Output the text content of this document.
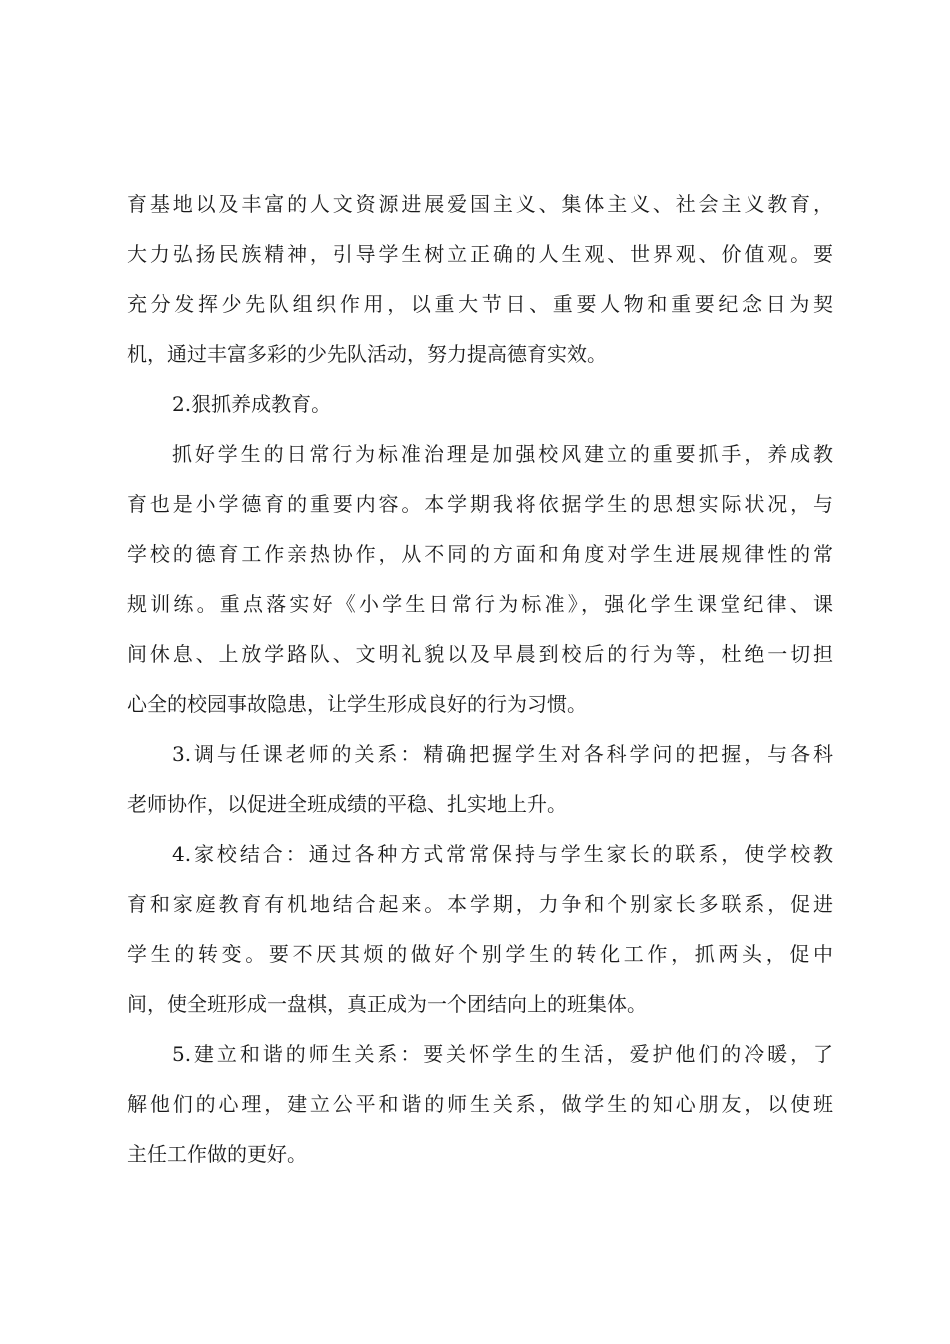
育基地以及丰富的人文资源进展爱国主义、集体主义、社会主义教育，
大力弘扬民族精神，引导学生树立正确的人生观、世界观、价值观。要
充分发挥少先队组织作用，以重大节日、重要人物和重要纪念日为契
机，通过丰富多彩的少先队活动，努力提高德育实效。
2.狠抓养成教育。
抓好学生的日常行为标准治理是加强校风建立的重要抓手，养成教
育也是小学德育的重要内容。本学期我将依据学生的思想实际状况，与
学校的德育工作亲热协作，从不同的方面和角度对学生进展规律性的常
规训练。重点落实好《小学生日常行为标准》，强化学生课堂纪律、课
间休息、上放学路队、文明礼貌以及早晨到校后的行为等，杜绝一切担
心全的校园事故隐患，让学生形成良好的行为习惯。
3.调与任课老师的关系：精确把握学生对各科学问的把握，与各科
老师协作，以促进全班成绩的平稳、扎实地上升。
4.家校结合：通过各种方式常常保持与学生家长的联系，使学校教
育和家庭教育有机地结合起来。本学期，力争和个别家长多联系，促进
学生的转变。要不厌其烦的做好个别学生的转化工作，抓两头，促中
间，使全班形成一盘棋，真正成为一个团结向上的班集体。
5.建立和谐的师生关系：要关怀学生的生活，爱护他们的冷暖，了
解他们的心理，建立公平和谐的师生关系，做学生的知心朋友，以使班
主任工作做的更好。
